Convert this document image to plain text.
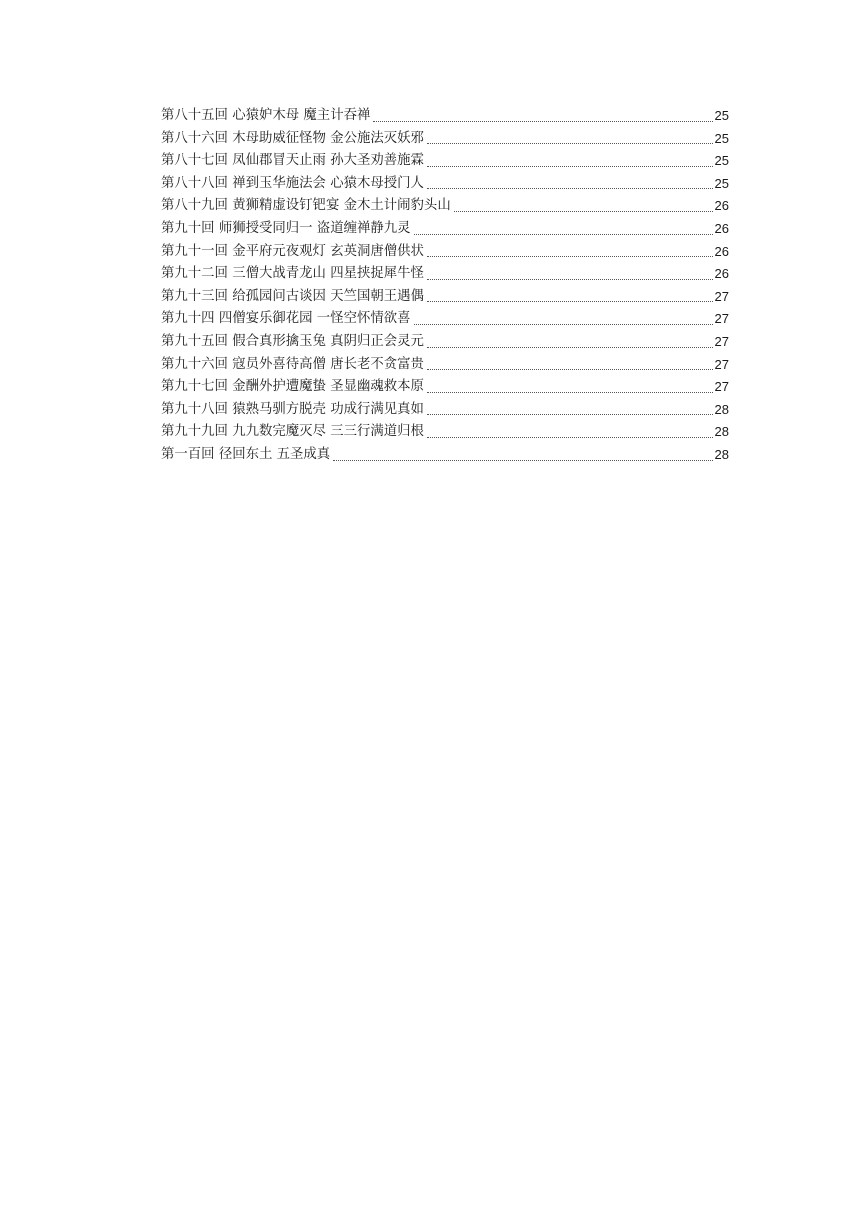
第八十五回 心猿妒木母 魔主计吞禅	25
第八十六回 木母助威征怪物 金公施法灭妖邪	25
第八十七回 凤仙郡冒天止雨 孙大圣劝善施霖	25
第八十八回 禅到玉华施法会 心猿木母授门人	25
第八十九回 黄狮精虚设钉钯宴 金木土计闹豹头山	26
第九十回 师狮授受同归一 盗道缠禅静九灵	26
第九十一回 金平府元夜观灯 玄英洞唐僧供状	26
第九十二回 三僧大战青龙山 四星挟捉犀牛怪	26
第九十三回 给孤园问古谈因 天竺国朝王遇偶	27
第九十四 四僧宴乐御花园 一怪空怀情欲喜	27
第九十五回 假合真形擒玉兔 真阴归正会灵元	27
第九十六回 寇员外喜待高僧 唐长老不贪富贵	27
第九十七回 金酬外护遭魔蛰 圣显幽魂救本原	27
第九十八回 猿熟马驯方脱壳 功成行满见真如	28
第九十九回 九九数完魔灭尽 三三行满道归根	28
第一百回 径回东土 五圣成真	28
